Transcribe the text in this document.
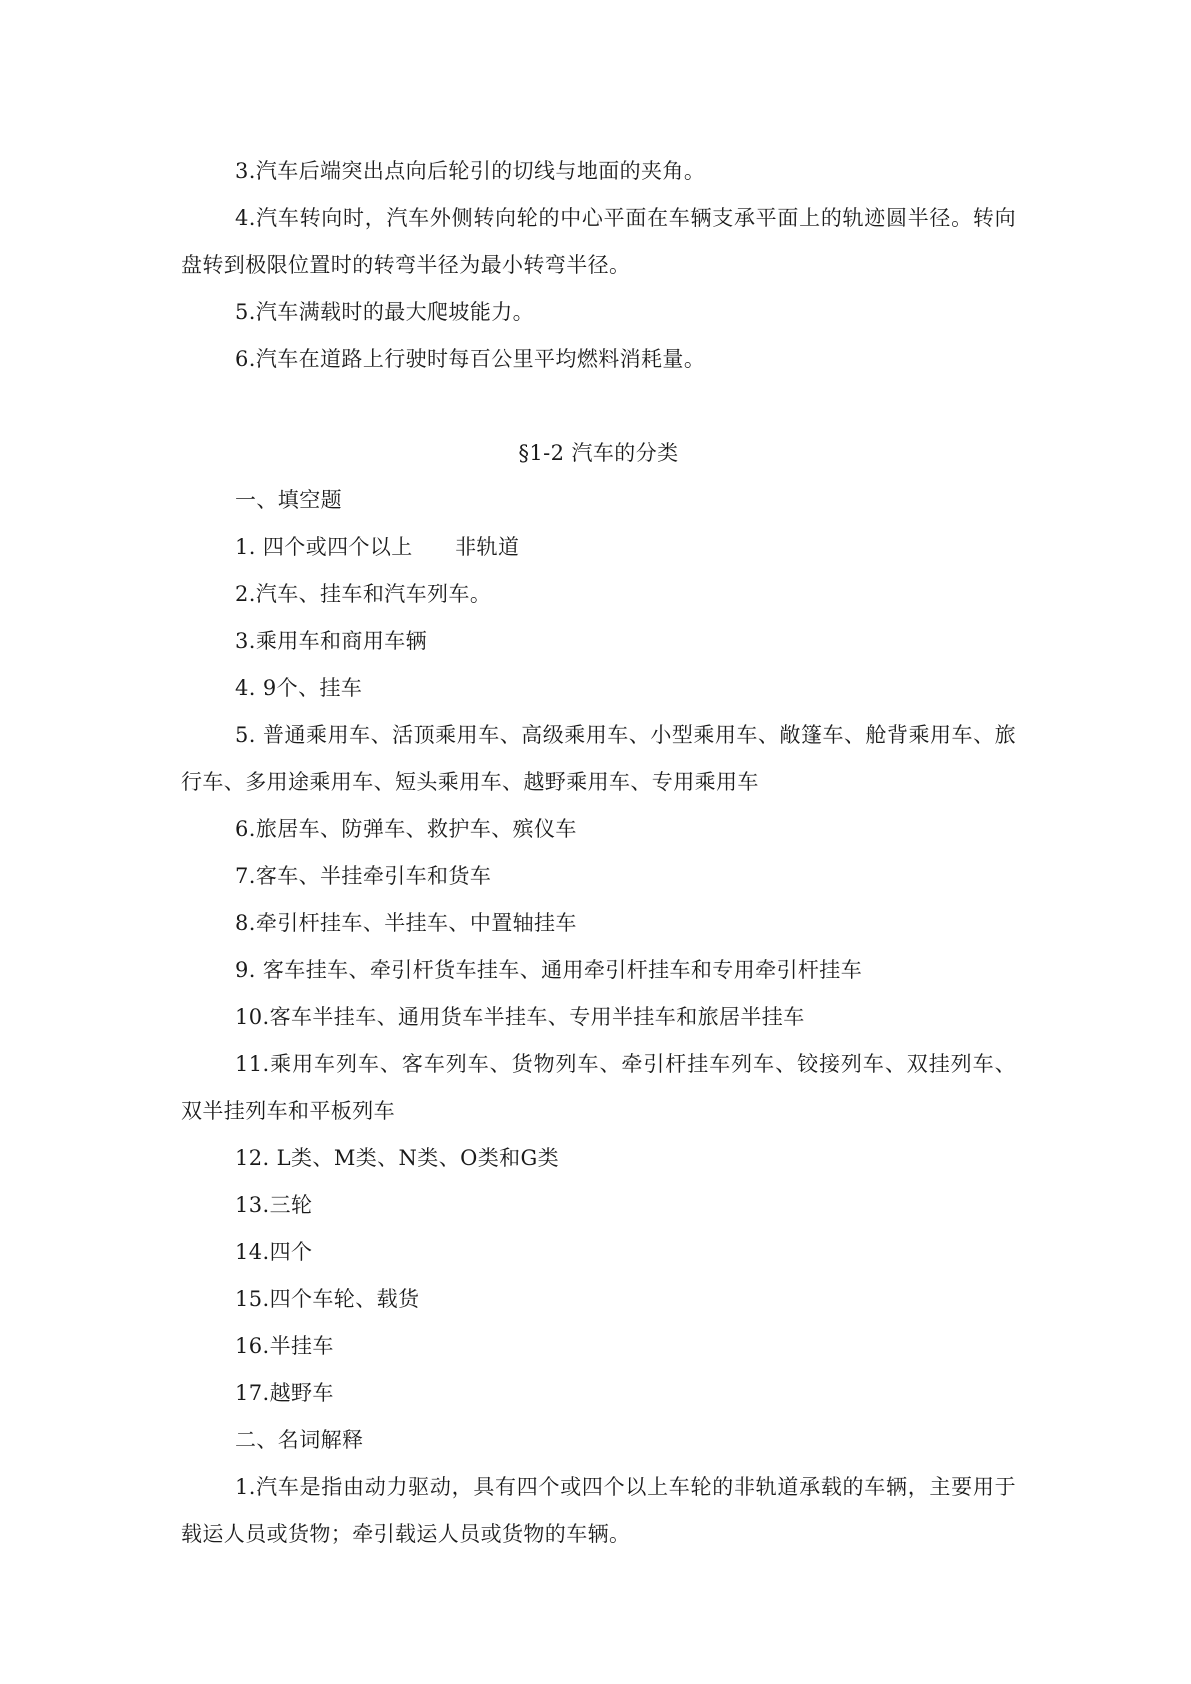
3.汽车后端突出点向后轮引的切线与地面的夹角。
4.汽车转向时，汽车外侧转向轮的中心平面在车辆支承平面上的轨迹圆半径。转向盘转到极限位置时的转弯半径为最小转弯半径。
5.汽车满载时的最大爬坡能力。
6.汽车在道路上行驶时每百公里平均燃料消耗量。
§1-2 汽车的分类
一、填空题
1. 四个或四个以上      非轨道
2.汽车、挂车和汽车列车。
3.乘用车和商用车辆
4. 9个、挂车
5. 普通乘用车、活顶乘用车、高级乘用车、小型乘用车、敞篷车、舱背乘用车、旅行车、多用途乘用车、短头乘用车、越野乘用车、专用乘用车
6.旅居车、防弹车、救护车、殡仪车
7.客车、半挂牵引车和货车
8.牵引杆挂车、半挂车、中置轴挂车
9. 客车挂车、牵引杆货车挂车、通用牵引杆挂车和专用牵引杆挂车
10.客车半挂车、通用货车半挂车、专用半挂车和旅居半挂车
11.乘用车列车、客车列车、货物列车、牵引杆挂车列车、铰接列车、双挂列车、双半挂列车和平板列车
12. L类、M类、N类、O类和G类
13.三轮
14.四个
15.四个车轮、载货
16.半挂车
17.越野车
二、名词解释
1.汽车是指由动力驱动，具有四个或四个以上车轮的非轨道承载的车辆，主要用于载运人员或货物；牵引载运人员或货物的车辆。
